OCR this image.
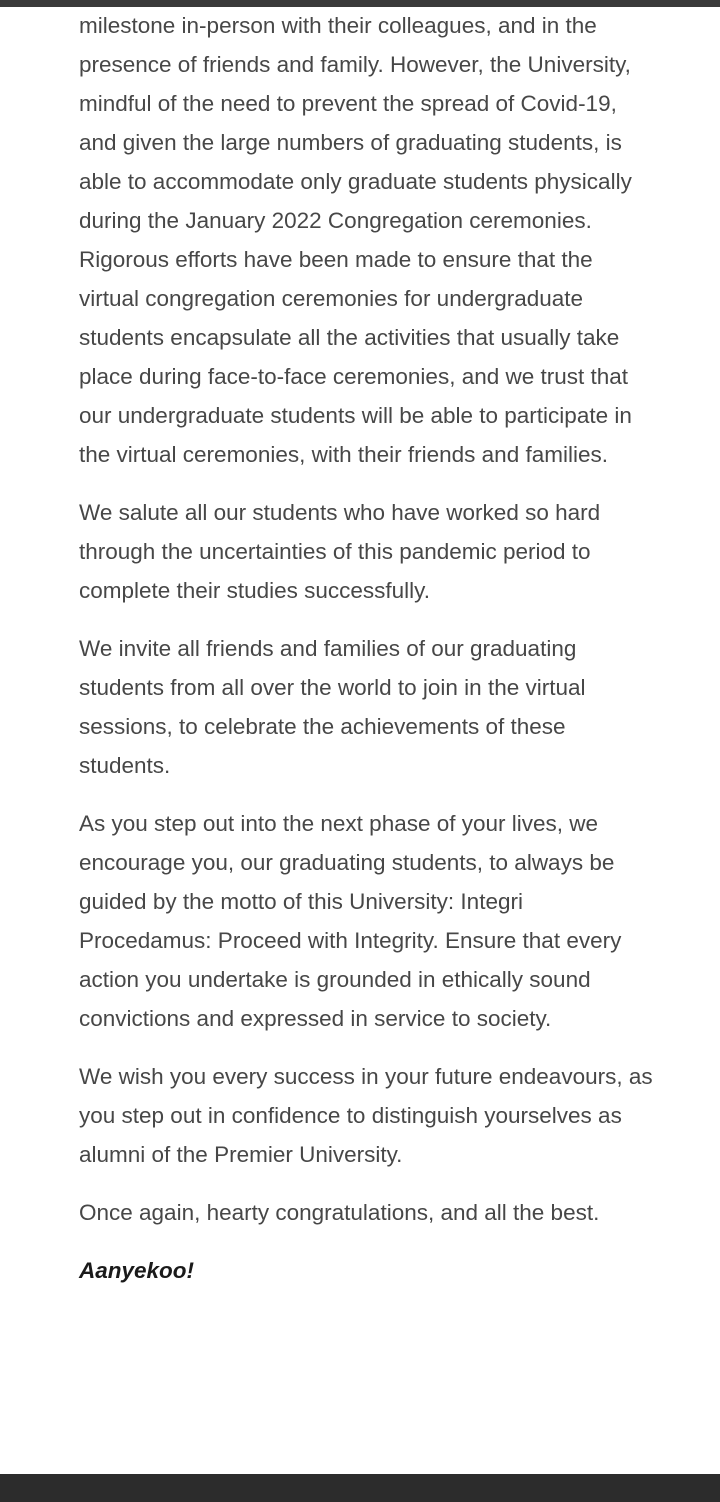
milestone in-person with their colleagues, and in the presence of friends and family. However, the University, mindful of the need to prevent the spread of Covid-19, and given the large numbers of graduating students, is able to accommodate only graduate students physically during the January 2022 Congregation ceremonies. Rigorous efforts have been made to ensure that the virtual congregation ceremonies for undergraduate students encapsulate all the activities that usually take place during face-to-face ceremonies, and we trust that our undergraduate students will be able to participate in the virtual ceremonies, with their friends and families.

We salute all our students who have worked so hard through the uncertainties of this pandemic period to complete their studies successfully.

We invite all friends and families of our graduating students from all over the world to join in the virtual sessions, to celebrate the achievements of these students.

As you step out into the next phase of your lives, we encourage you, our graduating students, to always be guided by the motto of this University: Integri Procedamus: Proceed with Integrity. Ensure that every action you undertake is grounded in ethically sound convictions and expressed in service to society.

We wish you every success in your future endeavours, as you step out in confidence to distinguish yourselves as alumni of the Premier University.

Once again, hearty congratulations, and all the best.

Aanyekoo!
